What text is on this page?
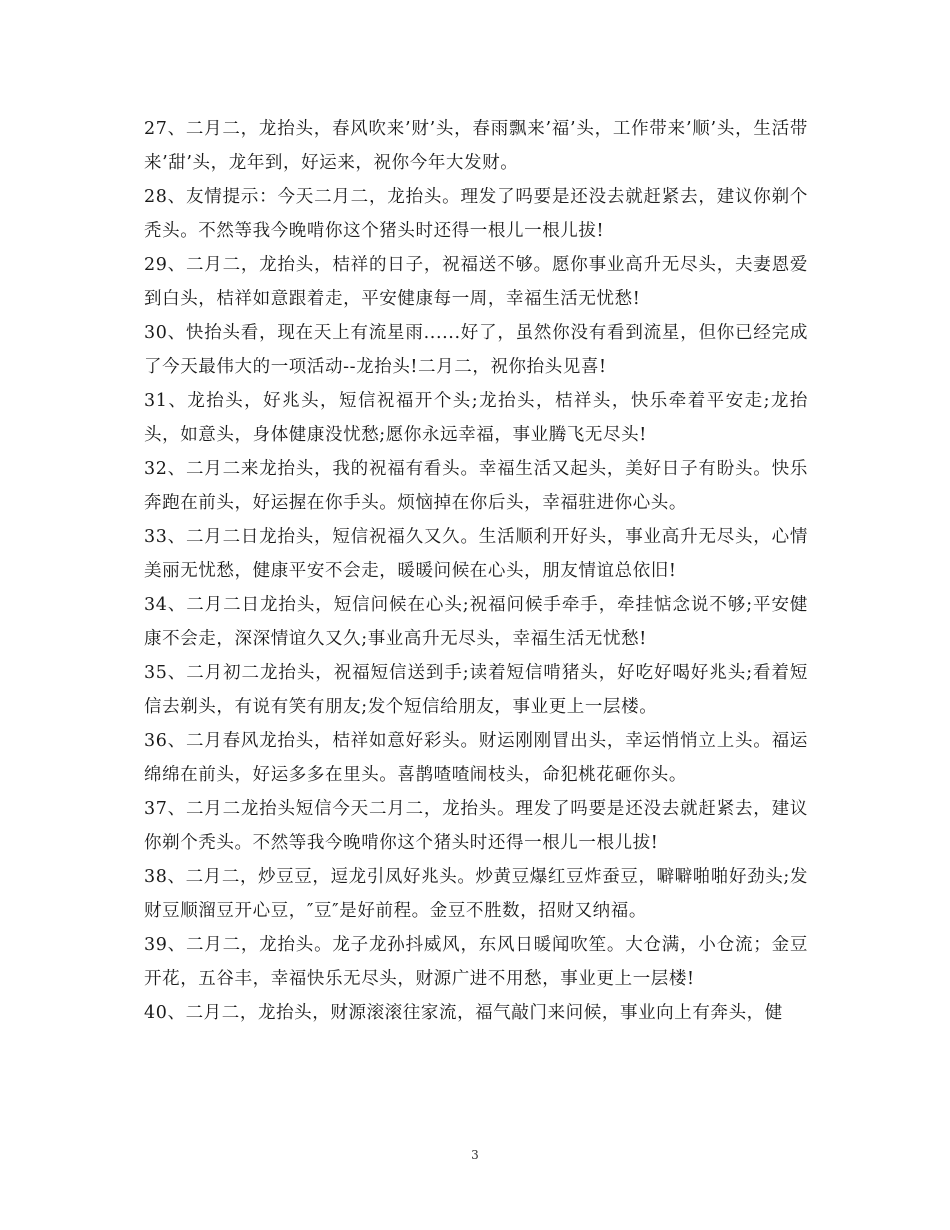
27、二月二，龙抬头，春风吹来’财’头，春雨飘来’福’头，工作带来’顺’头，生活带来’甜’头，龙年到，好运来，祝你今年大发财。

28、友情提示：今天二月二，龙抬头。理发了吗要是还没去就赶紧去，建议你剃个秃头。不然等我今晚啃你这个猪头时还得一根儿一根儿拔!

29、二月二，龙抬头，桔祥的日子，祝福送不够。愿你事业高升无尽头，夫妻恩爱到白头，桔祥如意跟着走，平安健康每一周，幸福生活无忧愁!

30、快抬头看，现在天上有流星雨......好了，虽然你没有看到流星，但你已经完成了今天最伟大的一项活动--龙抬头!二月二，祝你抬头见喜!

31、龙抬头，好兆头，短信祝福开个头;龙抬头，桔祥头，快乐牵着平安走;龙抬头，如意头，身体健康没忧愁;愿你永远幸福，事业腾飞无尽头!

32、二月二来龙抬头，我的祝福有看头。幸福生活又起头，美好日子有盼头。快乐奔跑在前头，好运握在你手头。烦恼掉在你后头，幸福驻进你心头。

33、二月二日龙抬头，短信祝福久又久。生活顺利开好头，事业高升无尽头，心情美丽无忧愁，健康平安不会走，暖暖问候在心头，朋友情谊总依旧!

34、二月二日龙抬头，短信问候在心头;祝福问候手牵手，牵挂惦念说不够;平安健康不会走，深深情谊久又久;事业高升无尽头，幸福生活无忧愁!

35、二月初二龙抬头，祝福短信送到手;读着短信啃猪头，好吃好喝好兆头;看着短信去剃头，有说有笑有朋友;发个短信给朋友，事业更上一层楼。

36、二月春风龙抬头，桔祥如意好彩头。财运刚刚冒出头，幸运悄悄立上头。福运绵绵在前头，好运多多在里头。喜鹊喳喳闹枝头，命犯桃花砸你头。

37、二月二龙抬头短信今天二月二，龙抬头。理发了吗要是还没去就赶紧去，建议你剃个秃头。不然等我今晚啃你这个猪头时还得一根儿一根儿拔!

38、二月二，炒豆豆，逗龙引凤好兆头。炒黄豆爆红豆炸蚕豆，噼噼啪啪好劲头;发财豆顺溜豆开心豆，″豆″是好前程。金豆不胜数，招财又纳福。

39、二月二，龙抬头。龙子龙孙抖威风，东风日暖闻吹笙。大仓满，小仓流；金豆开花，五谷丰，幸福快乐无尽头，财源广进不用愁，事业更上一层楼!

40、二月二，龙抬头，财源滚滚往家流，福气敲门来问候，事业向上有奔头，健

3
